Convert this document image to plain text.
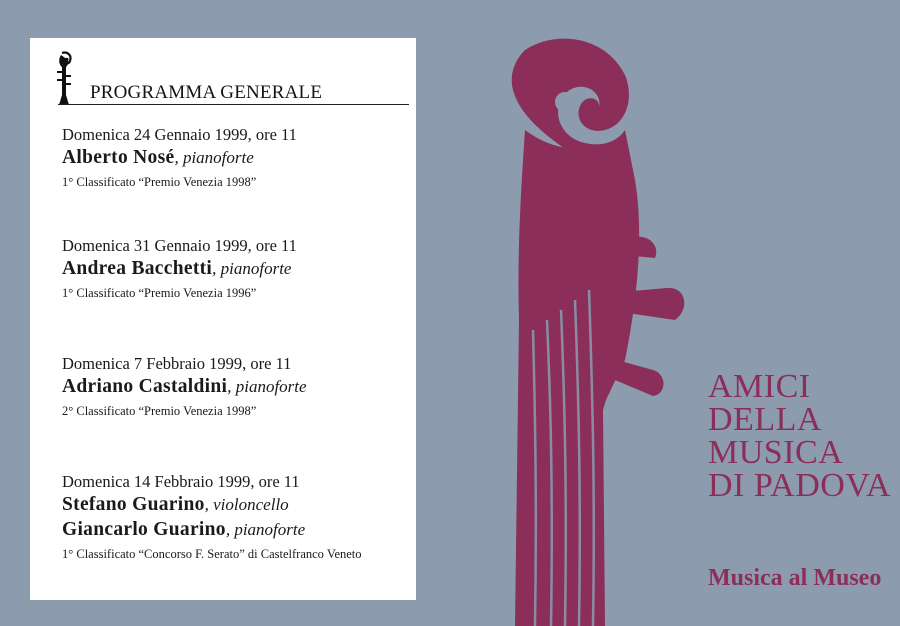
PROGRAMMA GENERALE
Domenica 24 Gennaio 1999, ore 11
Alberto Nosé, pianoforte
1° Classificato “Premio Venezia 1998”
Domenica 31 Gennaio 1999, ore 11
Andrea Bacchetti, pianoforte
1° Classificato “Premio Venezia 1996”
Domenica 7 Febbraio 1999, ore 11
Adriano Castaldini, pianoforte
2° Classificato “Premio Venezia 1998”
Domenica 14 Febbraio 1999, ore 11
Stefano Guarino, violoncello
Giancarlo Guarino, pianoforte
1° Classificato “Concorso F. Serato” di Castelfranco Veneto
AMICI
DELLA
MUSICA
DI PADOVA
Musica al Museo
